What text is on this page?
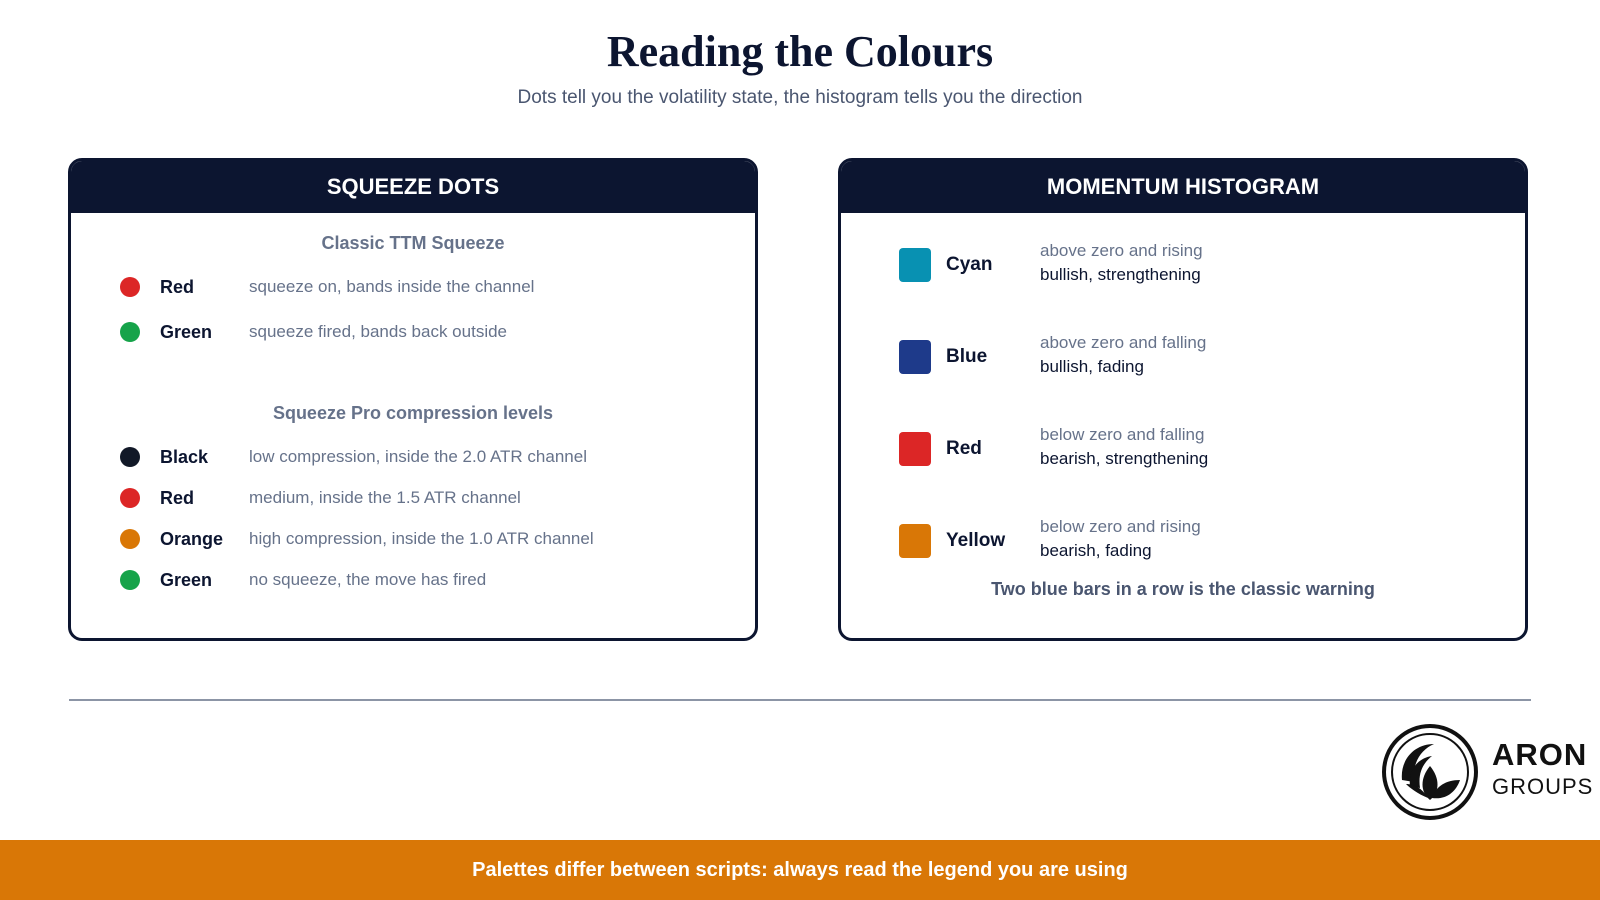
Reading the Colours
Dots tell you the volatility state, the histogram tells you the direction
SQUEEZE DOTS
Classic TTM Squeeze
Red	squeeze on, bands inside the channel
Green squeeze fired, bands back outside
Squeeze Pro compression levels
Black low compression, inside the 2.0 ATR channel
Red	medium, inside the 1.5 ATR channel
Orange high compression, inside the 1.0 ATR channel
Green no squeeze, the move has fired
MOMENTUM HISTOGRAM
Cyan
above zero and rising
bullish, strengthening
Blue
above zero and falling
bullish, fading
Red
below zero and falling
bearish, strengthening
Yellow
below zero and rising
bearish, fading
Two blue bars in a row is the classic warning
ARON
GROUPS
Palettes differ between scripts: always read the legend you are using
